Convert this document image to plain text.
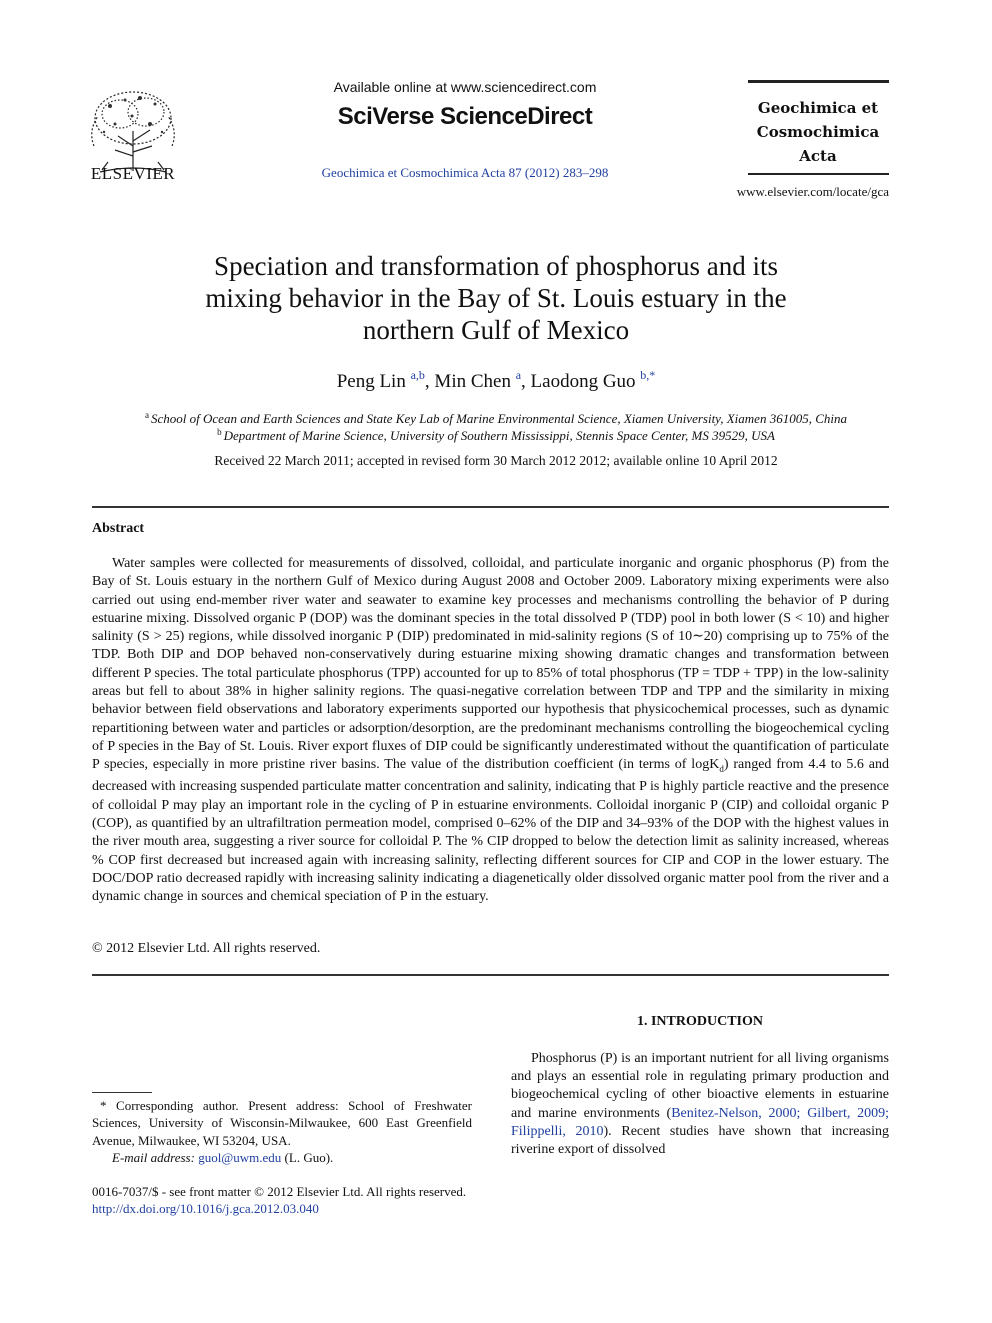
ELSEVIER
Available online at www.sciencedirect.com
SciVerse ScienceDirect
Geochimica et Cosmochimica Acta 87 (2012) 283–298
Geochimica et
Cosmochimica
Acta
www.elsevier.com/locate/gca
Speciation and transformation of phosphorus and its
mixing behavior in the Bay of St. Louis estuary in the
northern Gulf of Mexico
Peng Lin $^{a,b}$, Min Chen $^a$, Laodong Guo $^{b,*}$
$^a$ School of Ocean and Earth Sciences and State Key Lab of Marine Environmental Science, Xiamen University, Xiamen 361005, China
$^b$ Department of Marine Science, University of Southern Mississippi, Stennis Space Center, MS 39529, USA
Received 22 March 2011; accepted in revised form 30 March 2012 2012; available online 10 April 2012
Abstract
Water samples were collected for measurements of dissolved, colloidal, and particulate inorganic and organic phosphorus (P) from the Bay of St. Louis estuary in the northern Gulf of Mexico during August 2008 and October 2009. Laboratory mixing experiments were also carried out using end-member river water and seawater to examine key processes and mechanisms controlling the behavior of P during estuarine mixing. Dissolved organic P (DOP) was the dominant species in the total dissolved P (TDP) pool in both lower (S < 10) and higher salinity (S > 25) regions, while dissolved inorganic P (DIP) predominated in mid-salinity regions (S of 10∼20) comprising up to 75% of the TDP. Both DIP and DOP behaved non-conservatively during estuarine mixing showing dramatic changes and transformation between different P species. The total particulate phosphorus (TPP) accounted for up to 85% of total phosphorus (TP = TDP + TPP) in the low-salinity areas but fell to about 38% in higher salinity regions. The quasi-negative correlation between TDP and TPP and the similarity in mixing behavior between field observations and laboratory experiments supported our hypothesis that physicochemical processes, such as dynamic repartitioning between water and particles or adsorption/desorption, are the predominant mechanisms controlling the biogeochemical cycling of P species in the Bay of St. Louis. River export fluxes of DIP could be significantly underestimated without the quantification of particulate P species, especially in more pristine river basins. The value of the distribution coefficient (in terms of logK$_d$) ranged from 4.4 to 5.6 and decreased with increasing suspended particulate matter concentration and salinity, indicating that P is highly particle reactive and the presence of colloidal P may play an important role in the cycling of P in estuarine environments. Colloidal inorganic P (CIP) and colloidal organic P (COP), as quantified by an ultrafiltration permeation model, comprised 0–62% of the DIP and 34–93% of the DOP with the highest values in the river mouth area, suggesting a river source for colloidal P. The % CIP dropped to below the detection limit as salinity increased, whereas % COP first decreased but increased again with increasing salinity, reflecting different sources for CIP and COP in the lower estuary. The DOC/DOP ratio decreased rapidly with increasing salinity indicating a diagenetically older dissolved organic matter pool from the river and a dynamic change in sources and chemical speciation of P in the estuary.
© 2012 Elsevier Ltd. All rights reserved.
1. INTRODUCTION
Phosphorus (P) is an important nutrient for all living organisms and plays an essential role in regulating primary production and biogeochemical cycling of other bioactive elements in estuarine and marine environments (Benitez-Nelson, 2000; Gilbert, 2009; Filippelli, 2010). Recent studies have shown that increasing riverine export of dissolved
* Corresponding author. Present address: School of Freshwater Sciences, University of Wisconsin-Milwaukee, 600 East Greenfield Avenue, Milwaukee, WI 53204, USA.
E-mail address: guol@uwm.edu (L. Guo).
0016-7037/$ - see front matter © 2012 Elsevier Ltd. All rights reserved.
http://dx.doi.org/10.1016/j.gca.2012.03.040
